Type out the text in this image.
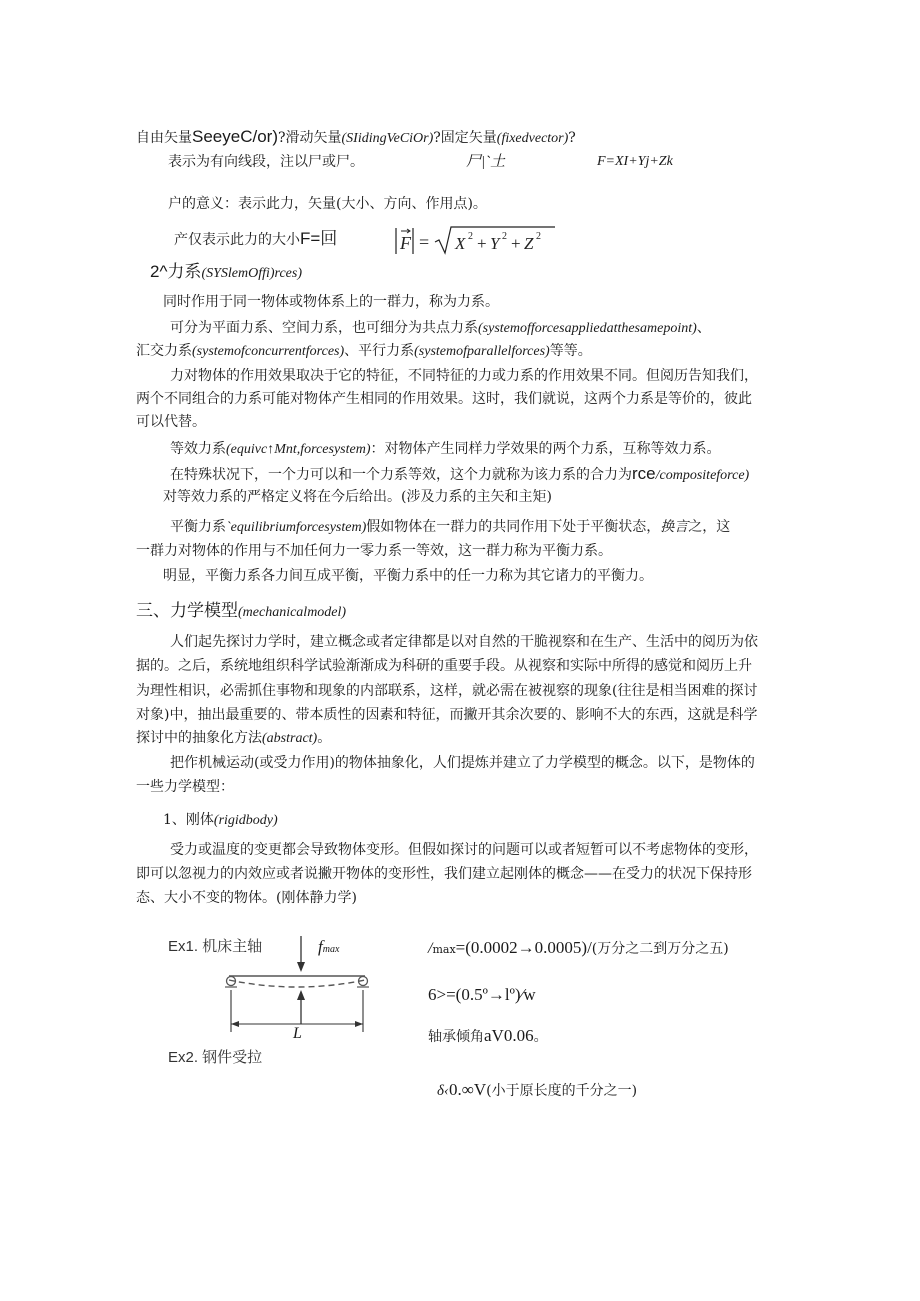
自由矢量SeeyeC/or)?滑动矢量(SIidingVeCiOr)?固定矢量(fixedvector)?
表示为有向线段，注以尸或尸。	尸|`土	F=XI+Yj+Zk
户的意义：表示此力，矢量(大小、方向、作用点)。
产仅表示此力的大小F=回	F = X 2 + Y 2 + Z 2
2^力系(SYSlemOffi)rces)
同时作用于同一物体或物体系上的一群力，称为力系。
可分为平面力系、空间力系，也可细分为共点力系(systemofforcesappliedatthesamepoint)、
汇交力系(systemofconcurrentforces)、平行力系(systemofparallelforces)等等。
力对物体的作用效果取决于它的特征，不同特征的力或力系的作用效果不同。但阅历告知我们，
两个不同组合的力系可能对物体产生相同的作用效果。这时，我们就说，这两个力系是等价的，彼此
可以代替。
等效力系(equivc↑Mnt,forcesystem)：对物体产生同样力学效果的两个力系，互称等效力系。
在特殊状况下，一个力可以和一个力系等效，这个力就称为该力系的合力为rce/compositeforce)
对等效力系的严格定义将在今后给出。(涉及力系的主矢和主矩)
平衡力系`equilibriumforcesystem)假如物体在一群力的共同作用下处于平衡状态，换言之，这
一群力对物体的作用与不加任何力一零力系一等效，这一群力称为平衡力系。
明显，平衡力系各力间互成平衡，平衡力系中的任一力称为其它诸力的平衡力。
三、力学模型(mechanicalmodel)
人们起先探讨力学时，建立概念或者定律都是以对自然的干脆视察和在生产、生活中的阅历为依
据的。之后，系统地组织科学试验渐渐成为科研的重要手段。从视察和实际中所得的感觉和阅历上升
为理性相识，必需抓住事物和现象的内部联系，这样，就必需在被视察的现象(往往是相当困难的探讨
对象)中，抽出最重要的、带本质性的因素和特征，而撇开其余次要的、影响不大的东西，这就是科学
探讨中的抽象化方法(abstract)。
把作机械运动(或受力作用)的物体抽象化，人们提炼并建立了力学模型的概念。以下，是物体的
一些力学模型：
1、刚体(rigidbody)
受力或温度的变更都会导致物体变形。但假如探讨的问题可以或者短暂可以不考虑物体的变形，
即可以忽视力的内效应或者说撇开物体的变形性，我们建立起刚体的概念——在受力的状况下保持形
态、大小不变的物体。(刚体静力学)
Ex1. 机床主轴
Ex2. 钢件受拉
fmax
L
/max=(0.0002→0.0005)/(万分之二到万分之五)
6>=(0.5º→lº)⁄w
轴承倾角aV0.06。
δ‹0.∞V(小于原长度的千分之一)
